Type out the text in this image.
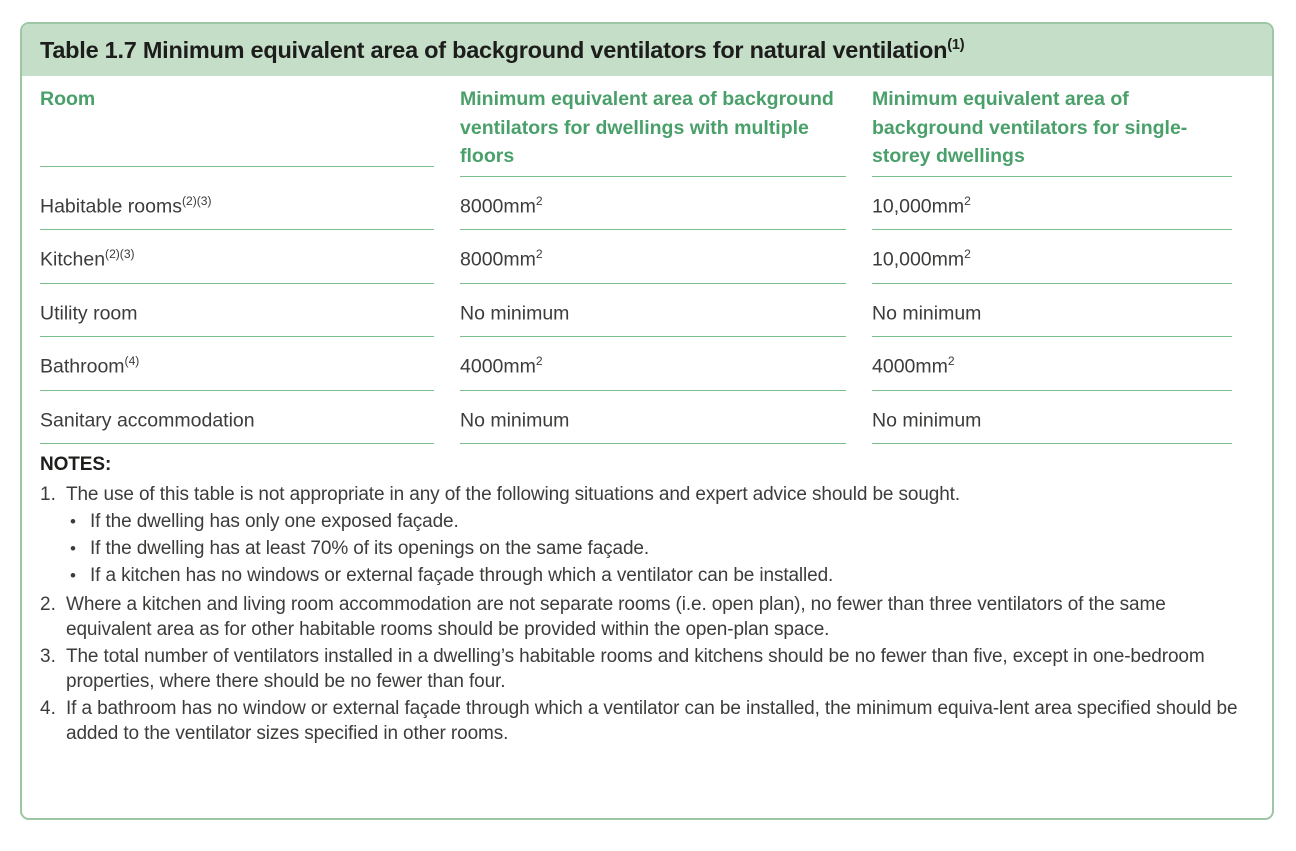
Table 1.7 Minimum equivalent area of background ventilators for natural ventilation$^{(1)}$
Room	Minimum equivalent area of background ventilators for dwellings with multiple floors	Minimum equivalent area of background ventilators for single-storey dwellings

Habitable rooms$^{(2)(3)}$	$8000mm^2$	$10,000mm^2$

Kitchen$^{(2)(3)}$	$8000mm^2$	$10,000mm^2$

Utility room	No minimum	No minimum

Bathroom$^{(4)}$	$4000mm^2$	$4000mm^2$

Sanitary accommodation	No minimum	No minimum
NOTES:
1. The use of this table is not appropriate in any of the following situations and expert advice should be sought.
• If the dwelling has only one exposed façade.
• If the dwelling has at least 70% of its openings on the same façade.
• If a kitchen has no windows or external façade through which a ventilator can be installed.
2. Where a kitchen and living room accommodation are not separate rooms (i.e. open plan), no fewer than three ventilators of the same equivalent area as for other habitable rooms should be provided within the open-plan space.
3. The total number of ventilators installed in a dwelling’s habitable rooms and kitchens should be no fewer than five, except in one-bedroom properties, where there should be no fewer than four.
4. If a bathroom has no window or external façade through which a ventilator can be installed, the minimum equiva-lent area specified should be added to the ventilator sizes specified in other rooms.
